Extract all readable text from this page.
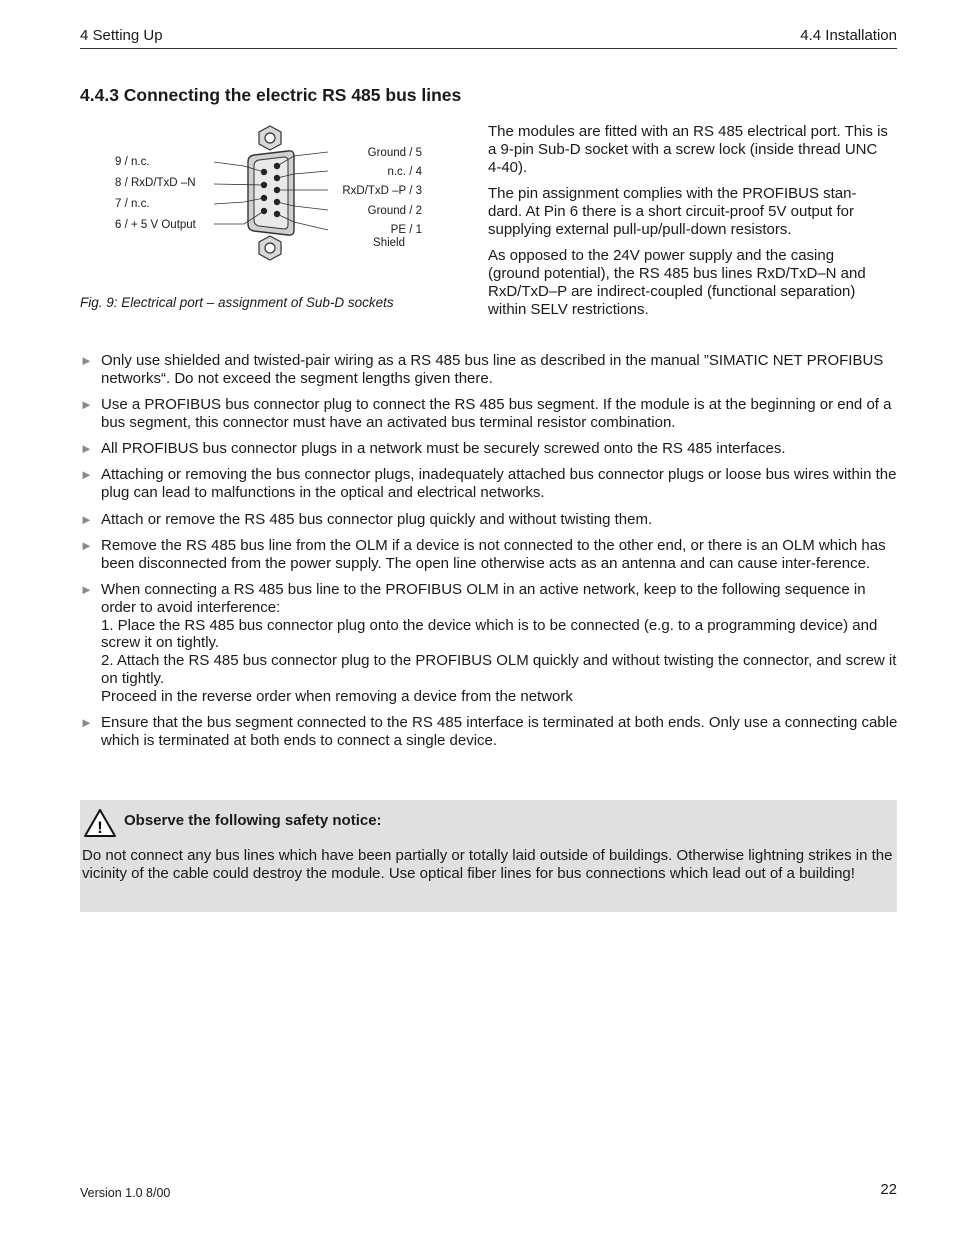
4 Setting Up	4.4 Installation
4.4.3 Connecting the electric RS 485 bus lines
9 / n.c.
8 / RxD/TxD –N
7 / n.c.
6 / + 5 V Output
Ground / 5
n.c. / 4
RxD/TxD –P / 3
Ground / 2
PE / 1
Shield
Fig. 9: Electrical port – assignment of Sub-D sockets

The modules are fitted with an RS 485 electrical port. This is a 9-pin Sub-D socket with a screw lock (inside thread UNC 4-40).

The pin assignment complies with the PROFIBUS stan-dard. At Pin 6 there is a short circuit-proof 5V output for supplying external pull-up/pull-down resistors.

As opposed to the 24V power supply and the casing (ground potential), the RS 485 bus lines RxD/TxD–N and RxD/TxD–P are indirect-coupled (functional separation) within SELV restrictions.

► Only use shielded and twisted-pair wiring as a RS 485 bus line as described in the manual ”SIMATIC NET PROFIBUS networks“. Do not exceed the segment lengths given there.
► Use a PROFIBUS bus connector plug to connect the RS 485 bus segment. If the module is at the beginning or end of a bus segment, this connector must have an activated bus terminal resistor combination.
► All PROFIBUS bus connector plugs in a network must be securely screwed onto the RS 485 interfaces.
► Attaching or removing the bus connector plugs, inadequately attached bus connector plugs or loose bus wires within the plug can lead to malfunctions in the optical and electrical networks.
► Attach or remove the RS 485 bus connector plug quickly and without twisting them.
► Remove the RS 485 bus line from the OLM if a device is not connected to the other end, or there is an OLM which has been disconnected from the power supply. The open line otherwise acts as an antenna and can cause inter-ference.
► When connecting a RS 485 bus line to the PROFIBUS OLM in an active network, keep to the following sequence in order to avoid interference:
1. Place the RS 485 bus connector plug onto the device which is to be connected (e.g. to a programming device) and screw it on tightly.
2. Attach the RS 485 bus connector plug to the PROFIBUS OLM quickly and without twisting the connector, and screw it on tightly.
Proceed in the reverse order when removing a device from the network
► Ensure that the bus segment connected to the RS 485 interface is terminated at both ends. Only use a connecting cable which is terminated at both ends to connect a single device.
! Observe the following safety notice:
Do not connect any bus lines which have been partially or totally laid outside of buildings. Otherwise lightning strikes in the vicinity of the cable could destroy the module. Use optical fiber lines for bus connections which lead out of a building!
Version 1.0 8/00	22
